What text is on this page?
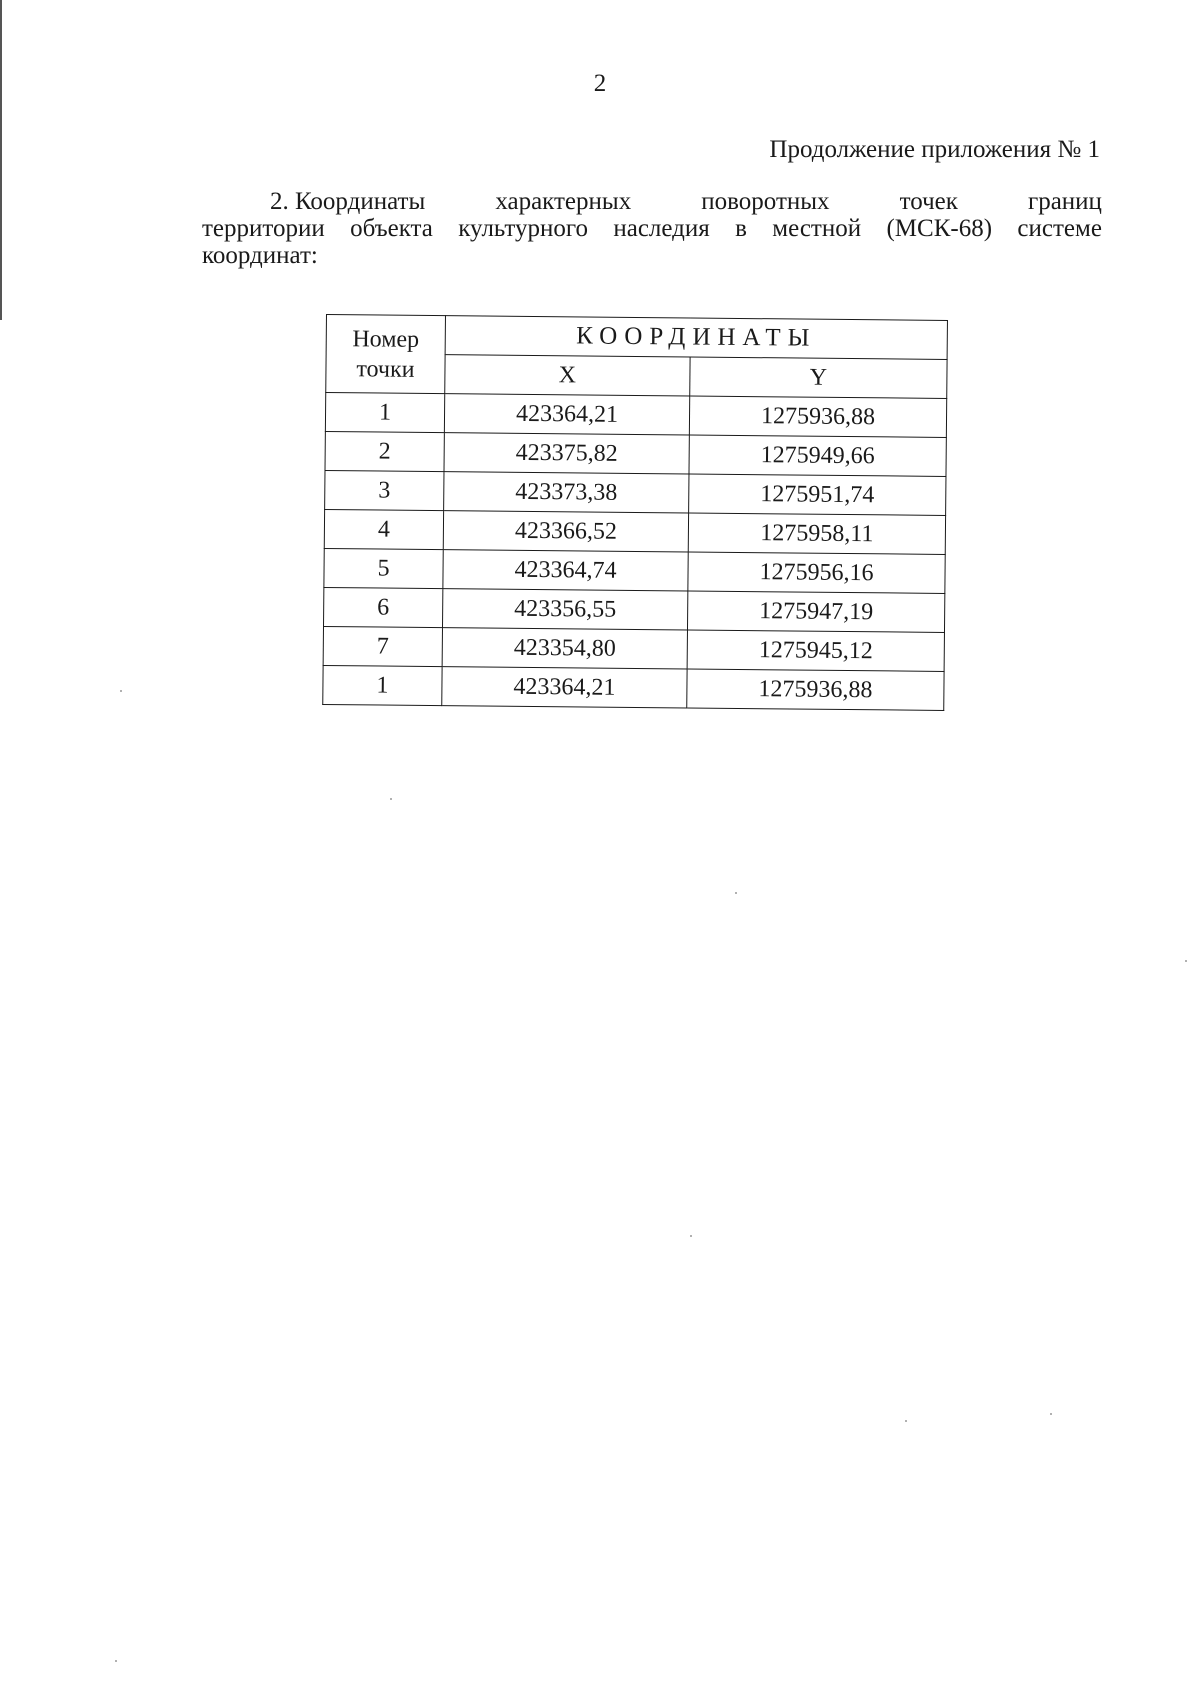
2
Продолжение приложения № 1
2. Координаты	характерных	поворотных	точек	границ
территории объекта культурного наследия в местной (МСК-68) системе
координат:
Номер
точки	КООРДИНАТЫ	
	X	Y
1	423364,21	1275936,88
2	423375,82	1275949,66
3	423373,38	1275951,74
4	423366,52	1275958,11
5	423364,74	1275956,16
6	423356,55	1275947,19
7	423354,80	1275945,12
1	423364,21	1275936,88
